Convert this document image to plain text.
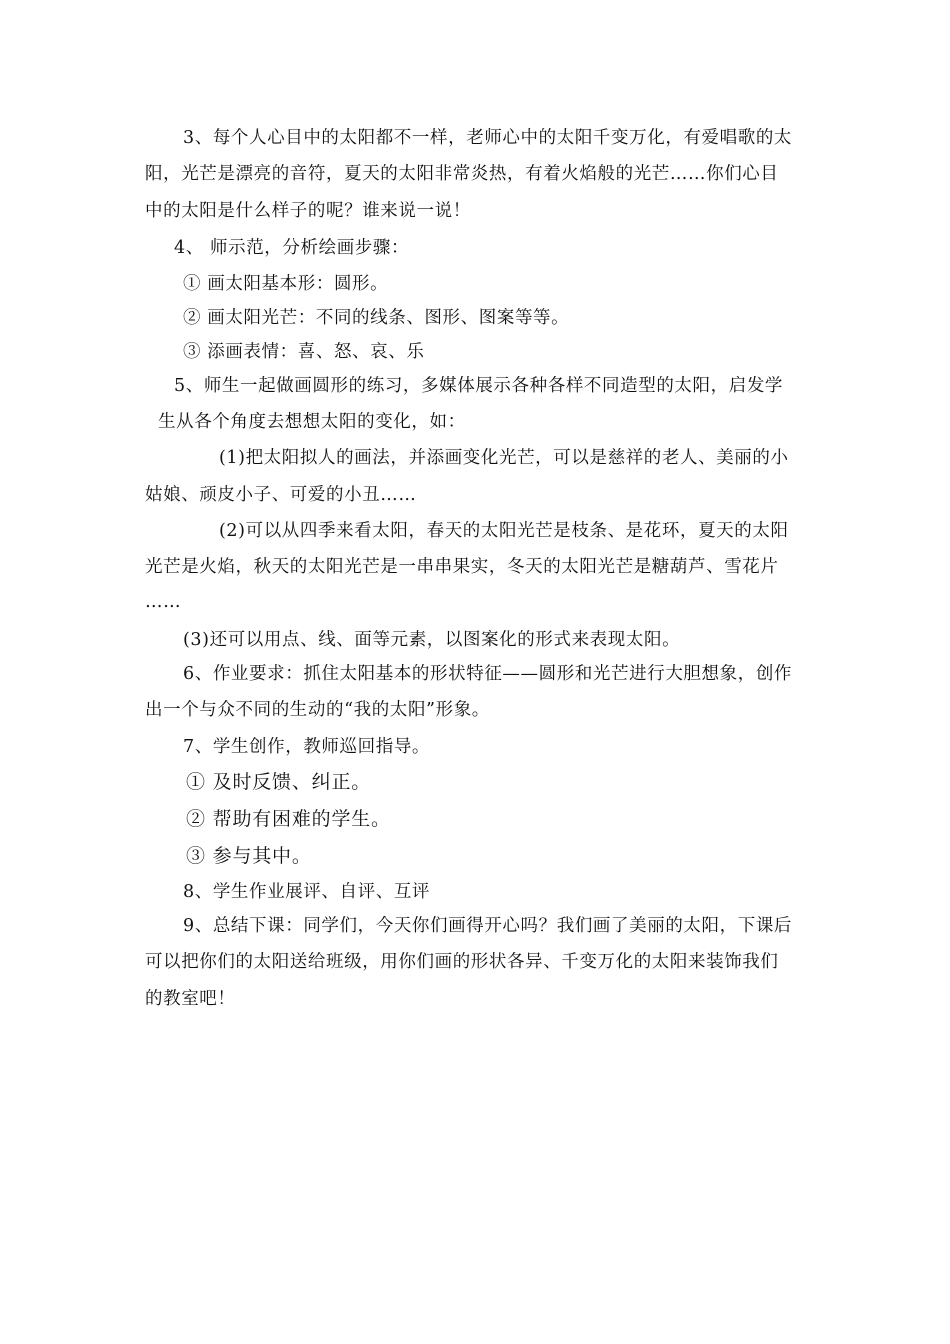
3、每个人心目中的太阳都不一样，老师心中的太阳千变万化，有爱唱歌的太
阳，光芒是漂亮的音符，夏天的太阳非常炎热，有着火焰般的光芒……你们心目
中的太阳是什么样子的呢？谁来说一说！
4、 师示范，分析绘画步骤：
① 画太阳基本形：圆形。
② 画太阳光芒：不同的线条、图形、图案等等。
③ 添画表情：喜、怒、哀、乐
5、师生一起做画圆形的练习，多媒体展示各种各样不同造型的太阳，启发学
生从各个角度去想想太阳的变化，如：
(1)把太阳拟人的画法，并添画变化光芒，可以是慈祥的老人、美丽的小
姑娘、顽皮小子、可爱的小丑……
(2)可以从四季来看太阳，春天的太阳光芒是枝条、是花环，夏天的太阳
光芒是火焰，秋天的太阳光芒是一串串果实，冬天的太阳光芒是糖葫芦、雪花片
……
(3)还可以用点、线、面等元素，以图案化的形式来表现太阳。
6、作业要求：抓住太阳基本的形状特征——圆形和光芒进行大胆想象，创作
出一个与众不同的生动的“我的太阳”形象。
7、学生创作，教师巡回指导。
① 及时反馈、纠正。
② 帮助有困难的学生。
③ 参与其中。
8、学生作业展评、自评、互评
9、总结下课：同学们，今天你们画得开心吗？我们画了美丽的太阳，下课后
可以把你们的太阳送给班级，用你们画的形状各异、千变万化的太阳来装饰我们
的教室吧！
